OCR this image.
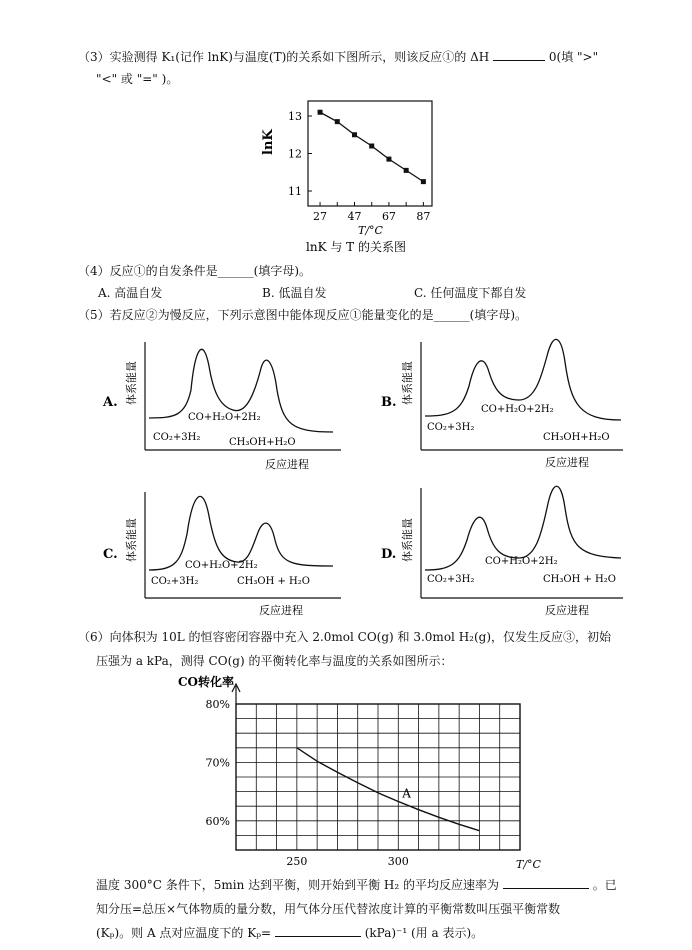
（3）实验测得 K₁(记作 lnK)与温度(T)的关系如下图所示，则该反应①的 ΔH	0(填 ">"
"<" 或 "=" )。
13
12
11
27 47 67 87
lnK
T/°C
lnK 与 T 的关系图
（4）反应①的自发条件是______(填字母)。
A. 高温自发	B. 低温自发	C. 任何温度下都自发
（5）若反应②为慢反应，下列示意图中能体现反应①能量变化的是______(填字母)。
A. 体系能量
CO+H₂O+2H₂
CO₂+3H₂	CH₃OH+H₂O
反应进程
B. 体系能量
CO+H₂O+2H₂
CO₂+3H₂
CH₃OH+H₂O
反应进程
C. 体系能量
CO+H₂O+2H₂
CO₂+3H₂	CH₃OH + H₂O
反应进程
D. 体系能量	CO+H₂O+2H₂
CO₂+3H₂	CH₃OH + H₂O
反应进程
（6）向体积为 10L 的恒容密闭容器中充入 2.0mol CO(g) 和 3.0mol H₂(g)，仅发生反应③，初始
压强为 a kPa，测得 CO(g) 的平衡转化率与温度的关系如图所示：
CO转化率
80%
70%
60%
250	300
A
T/°C
温度 300°C 条件下，5min 达到平衡，则开始到平衡 H₂ 的平均反应速率为	。已
知分压=总压×气体物质的量分数，用气体分压代替浓度计算的平衡常数叫压强平衡常数
(Kₚ)。则 A 点对应温度下的 Kₚ=	(kPa)⁻¹ (用 a 表示)。
